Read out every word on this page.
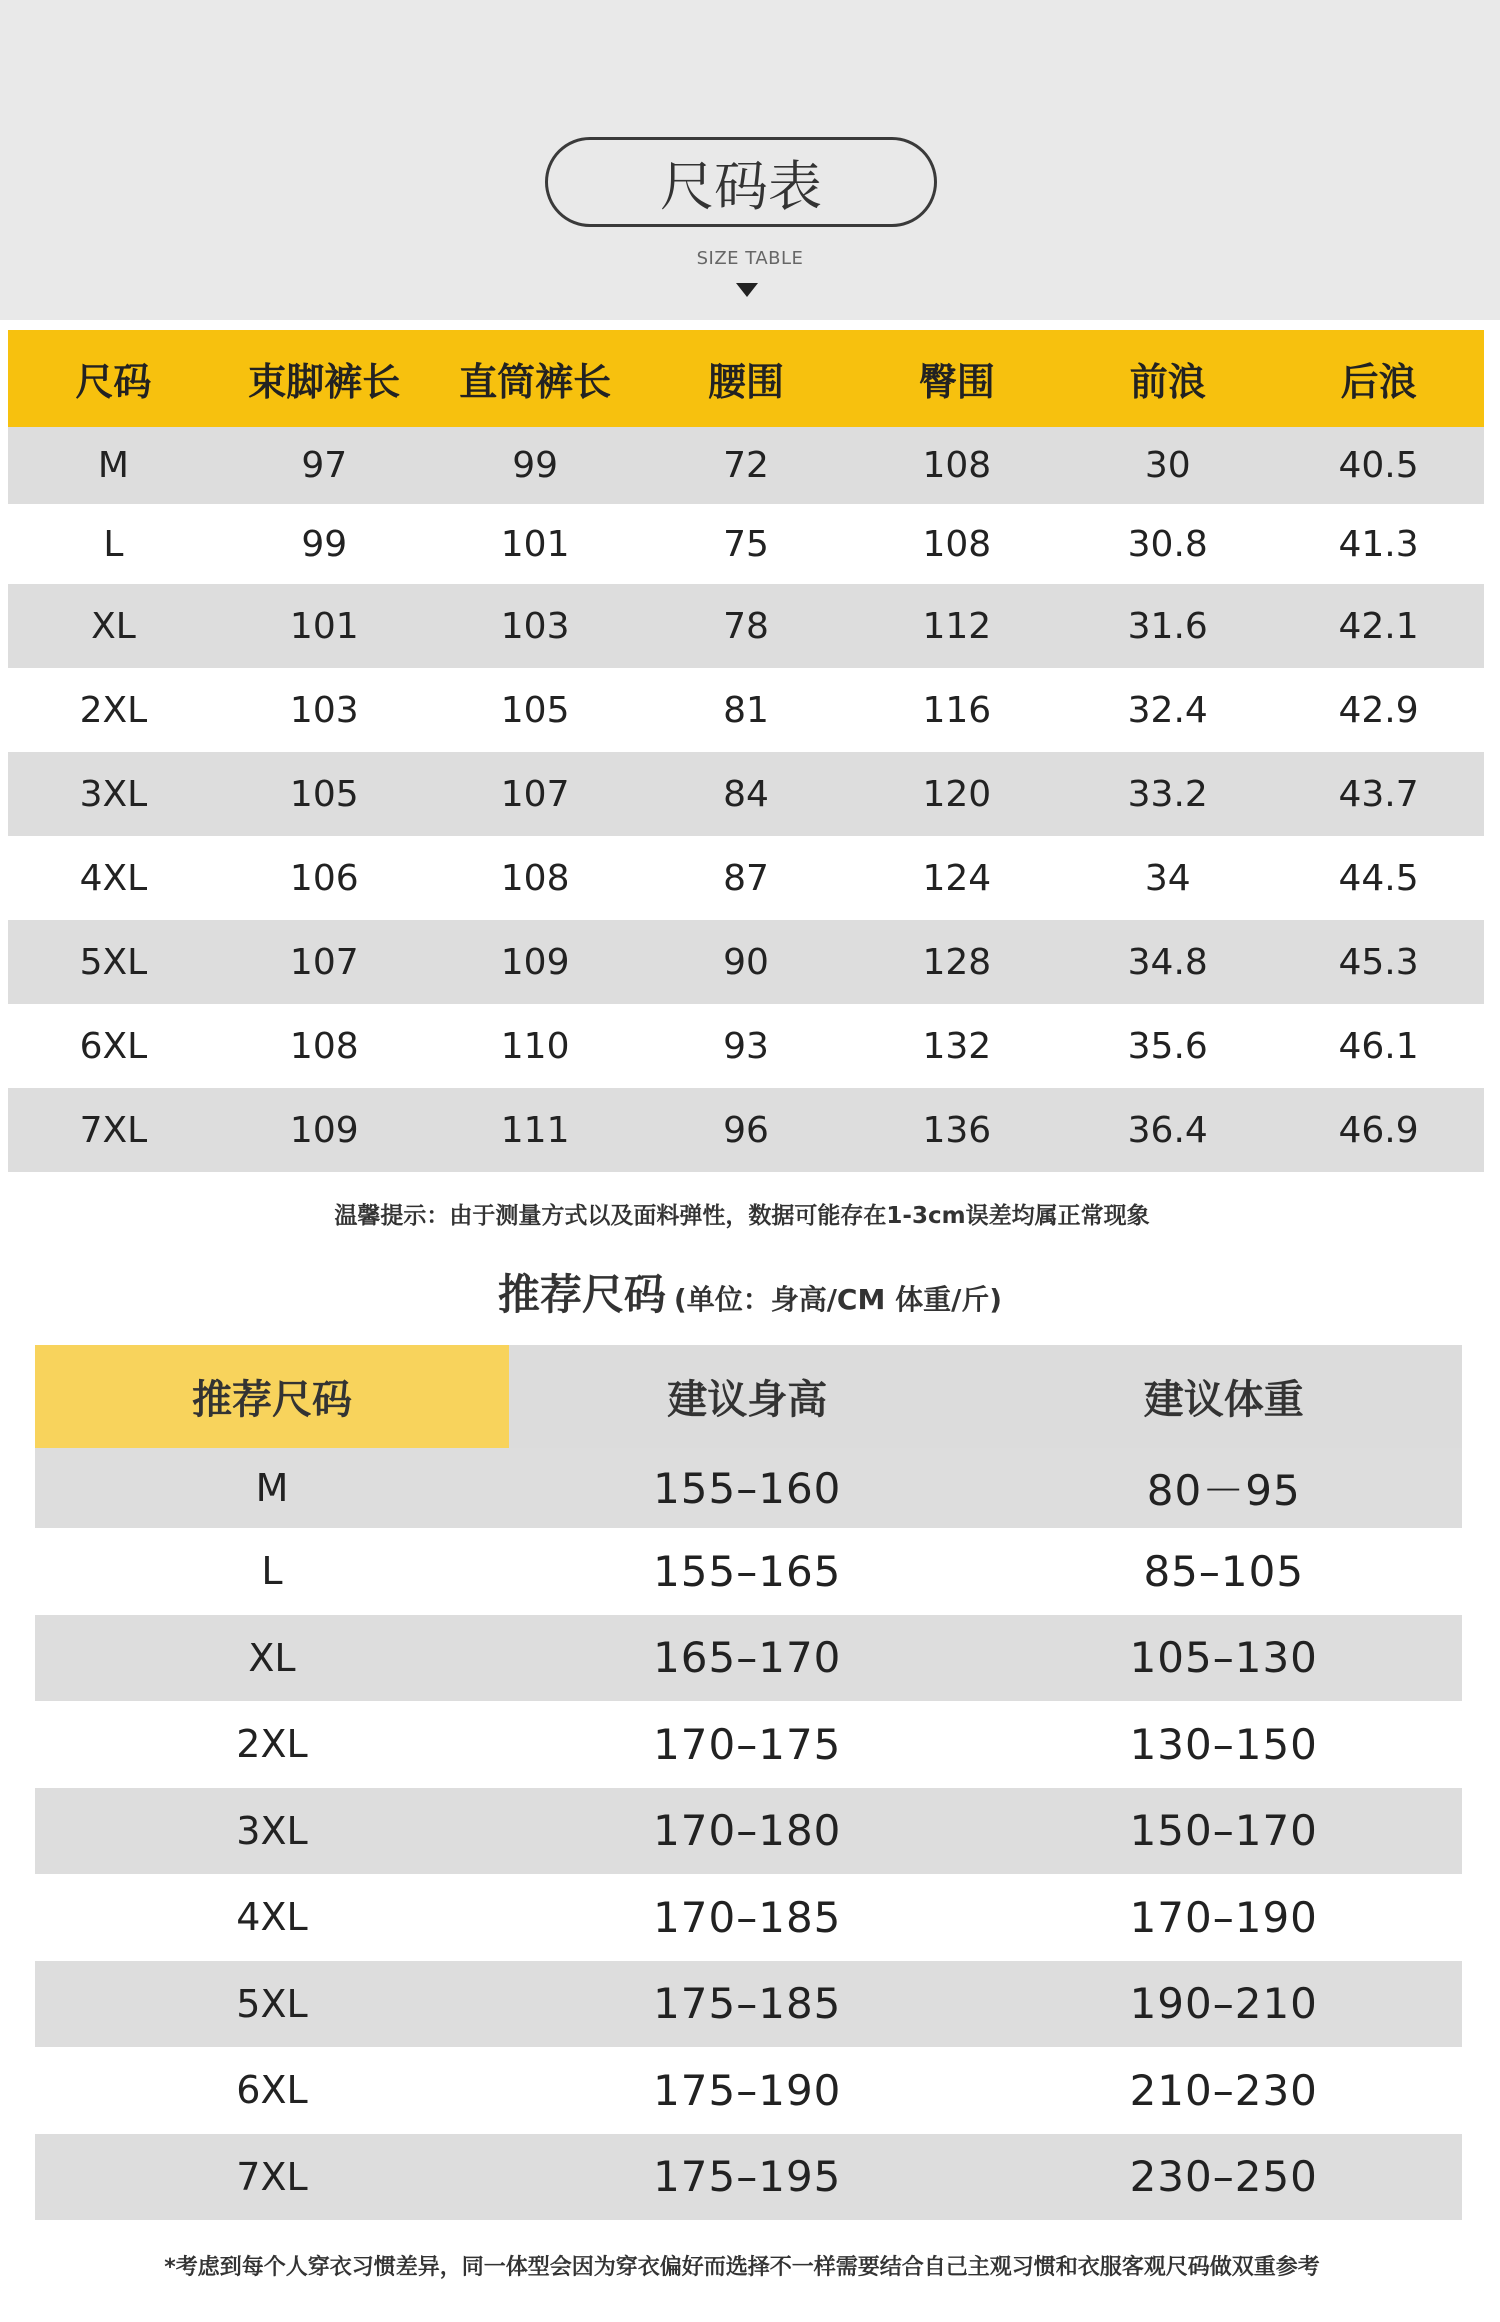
尺码表
SIZE TABLE
尺码	束脚裤长	直筒裤长	腰围	臀围	前浪	后浪
M	97	99	72	108	30	40.5
L	99	101	75	108	30.8	41.3
XL	101	103	78	112	31.6	42.1
2XL	103	105	81	116	32.4	42.9
3XL	105	107	84	120	33.2	43.7
4XL	106	108	87	124	34	44.5
5XL	107	109	90	128	34.8	45.3
6XL	108	110	93	132	35.6	46.1
7XL	109	111	96	136	36.4	46.9
温馨提示：由于测量方式以及面料弹性，数据可能存在1-3cm误差均属正常现象
推荐尺码 (单位：身高/CM 体重/斤)
推荐尺码	建议身高	建议体重
M	155–160	80－95
L	155–165	85–105
XL	165–170	105–130
2XL	170–175	130–150
3XL	170–180	150–170
4XL	170–185	170–190
5XL	175–185	190–210
6XL	175–190	210–230
7XL	175–195	230–250
*考虑到每个人穿衣习惯差异，同一体型会因为穿衣偏好而选择不一样需要结合自己主观习惯和衣服客观尺码做双重参考
